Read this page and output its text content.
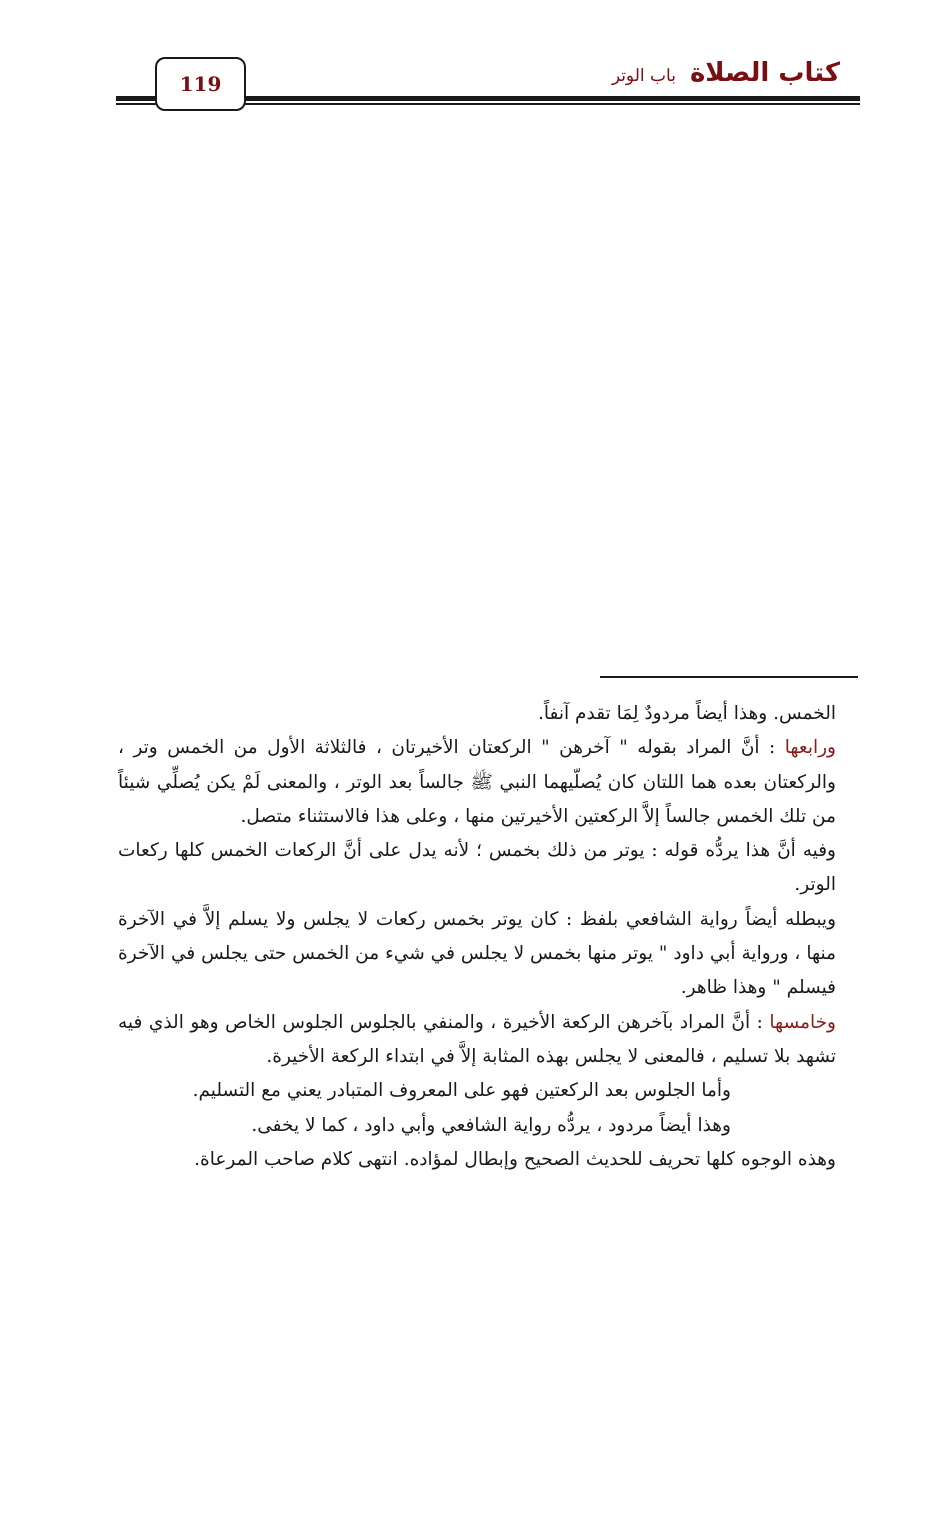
119	كتاب الصلاة
باب الوتر

الخمس. وهذا أيضاً مردودٌ لِمَا تقدم آنفاً.

ورابعها : أنَّ المراد بقوله " آخرهن " الركعتان الأخيرتان ، فالثلاثة الأول من الخمس وتر ، والركعتان بعده هما اللتان كان يُصلّيهما النبي ﷺ جالساً بعد الوتر ، والمعنى لَمْ يكن يُصلِّي شيئاً من تلك الخمس جالساً إلاَّ الركعتين الأخيرتين منها ، وعلى هذا فالاستثناء متصل.

وفيه أنَّ هذا يردُّه قوله : يوتر من ذلك بخمس ؛ لأنه يدل على أنَّ الركعات الخمس كلها ركعات الوتر.

ويبطله أيضاً رواية الشافعي بلفظ : كان يوتر بخمس ركعات لا يجلس ولا يسلم إلاَّ في الآخرة منها ، ورواية أبي داود " يوتر منها بخمس لا يجلس في شيء من الخمس حتى يجلس في الآخرة فيسلم " وهذا ظاهر.

وخامسها : أنَّ المراد بآخرهن الركعة الأخيرة ، والمنفي بالجلوس الجلوس الخاص وهو الذي فيه تشهد بلا تسليم ، فالمعنى لا يجلس بهذه المثابة إلاَّ في ابتداء الركعة الأخيرة.

وأما الجلوس بعد الركعتين فهو على المعروف المتبادر يعني مع التسليم.

وهذا أيضاً مردود ، يردُّه رواية الشافعي وأبي داود ، كما لا يخفى.

وهذه الوجوه كلها تحريف للحديث الصحيح وإبطال لمؤاده. انتهى كلام صاحب المرعاة.
